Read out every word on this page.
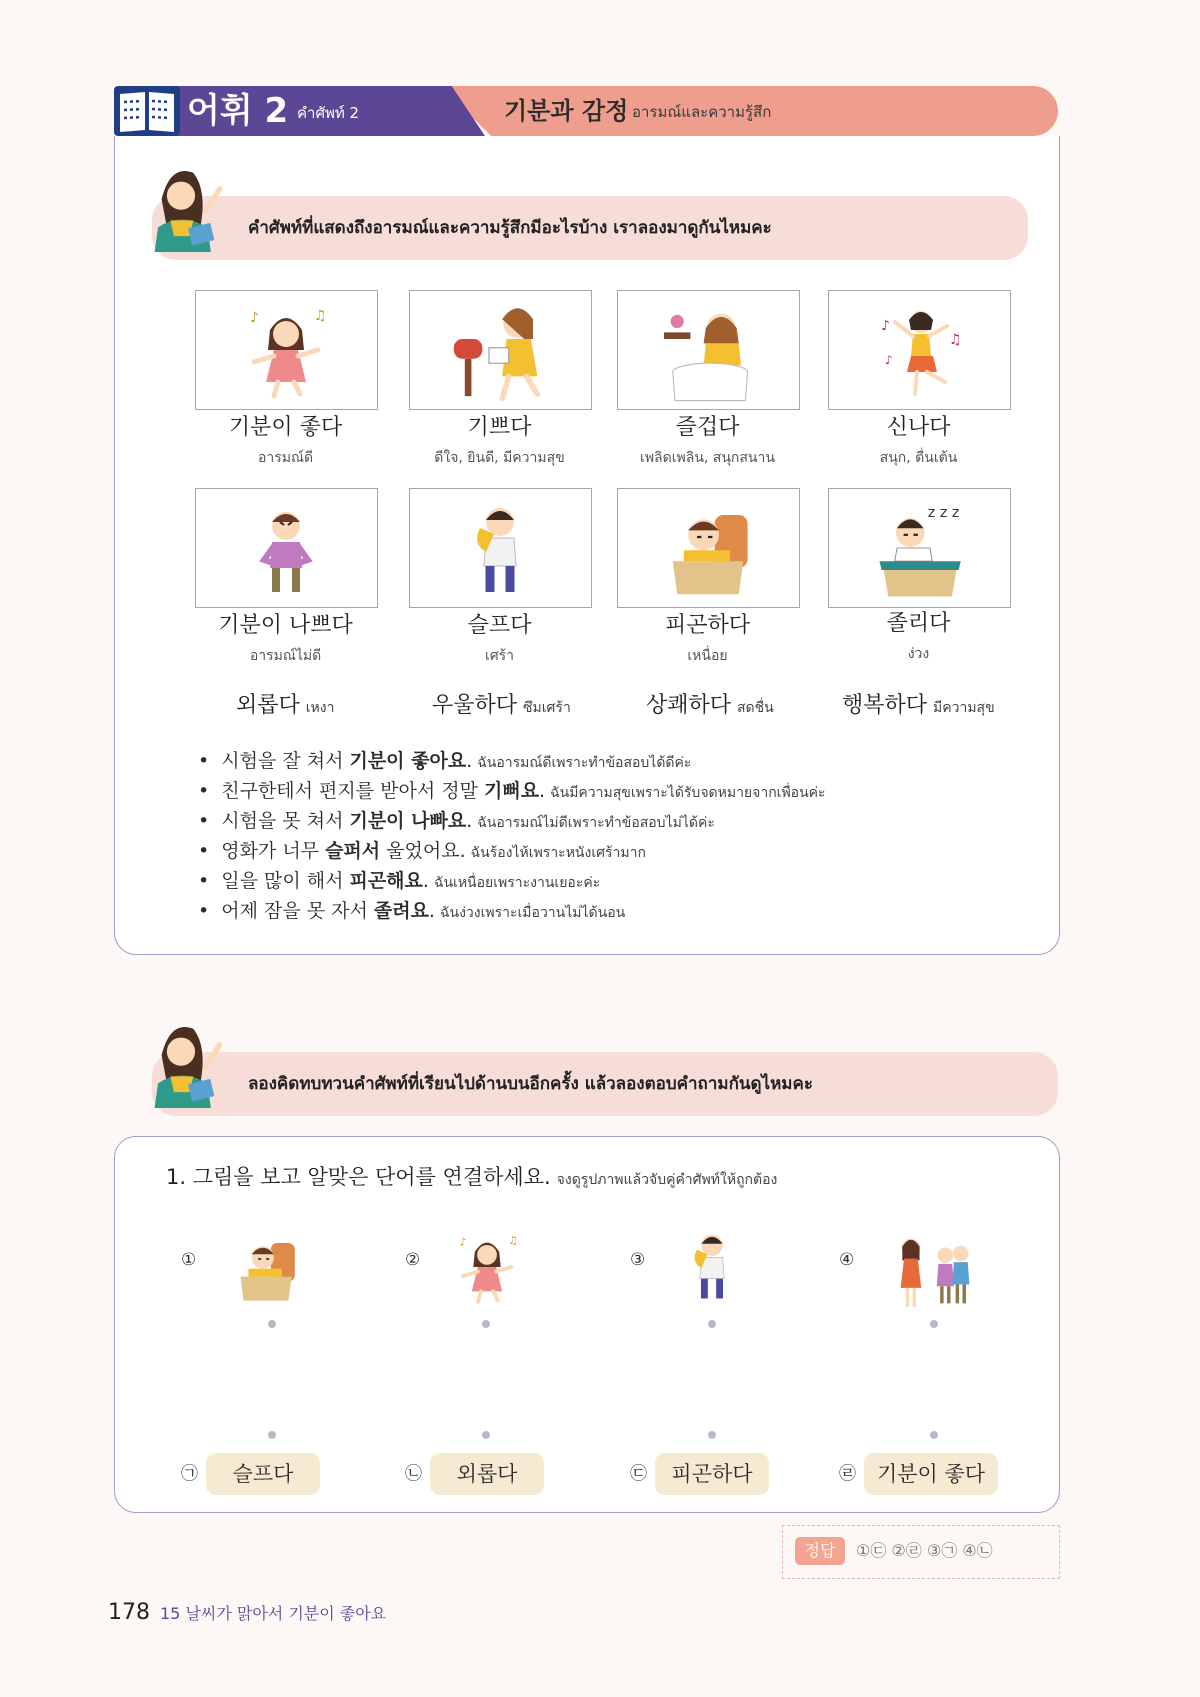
어휘 2 คำศัพท์ 2	기분과 감정 อารมณ์และความรู้สึก
คำศัพท์ที่แสดงถึงอารมณ์และความรู้สึกมีอะไรบ้าง เราลองมาดูกันไหมคะ
기분이 좋다
อารมณ์ดี
기쁘다
ดีใจ, ยินดี, มีความสุข
즐겁다
เพลิดเพลิน, สนุกสนาน
신나다
สนุก, ตื่นเต้น
기분이 나쁘다
อารมณ์ไม่ดี
슬프다
เศร้า
피곤하다
เหนื่อย
졸리다
ง่วง
외롭다 เหงา	우울하다 ซึมเศร้า	상쾌하다 สดชื่น	행복하다 มีความสุข
• 시험을 잘 쳐서 기분이 좋아요. ฉันอารมณ์ดีเพราะทำข้อสอบได้ดีค่ะ
• 친구한테서 편지를 받아서 정말 기뻐요. ฉันมีความสุขเพราะได้รับจดหมายจากเพื่อนค่ะ
• 시험을 못 쳐서 기분이 나빠요. ฉันอารมณ์ไม่ดีเพราะทำข้อสอบไม่ได้ค่ะ
• 영화가 너무 슬퍼서 울었어요. ฉันร้องไห้เพราะหนังเศร้ามาก
• 일을 많이 해서 피곤해요. ฉันเหนื่อยเพราะงานเยอะค่ะ
• 어제 잠을 못 자서 졸려요. ฉันง่วงเพราะเมื่อวานไม่ได้นอน
ลองคิดทบทวนคำศัพท์ที่เรียนไปด้านบนอีกครั้ง แล้วลองตอบคำถามกันดูไหมคะ
1. 그림을 보고 알맞은 단어를 연결하세요. จงดูรูปภาพแล้วจับคู่คำศัพท์ให้ถูกต้อง
①	②	③	④
㉠	슬프다	㉡	외롭다	㉢	피곤하다	㉣ 기분이 좋다
정답	①㉢ ②㉣ ③㉠ ④㉡
178 15 날씨가 맑아서 기분이 좋아요
